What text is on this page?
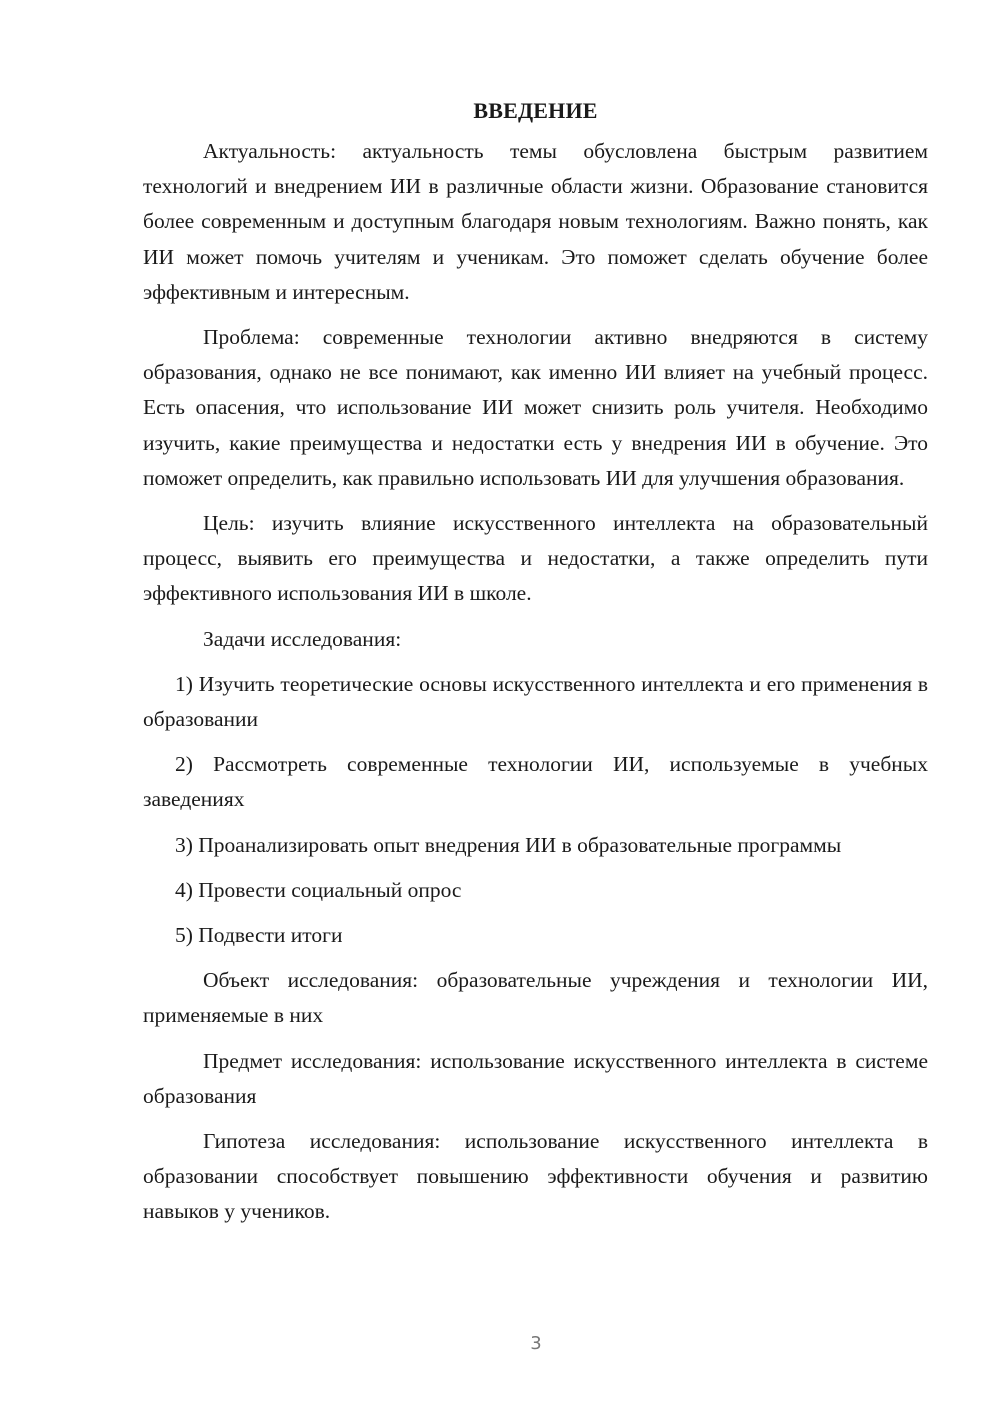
ВВЕДЕНИЕ

Актуальность: актуальность темы обусловлена быстрым развитием технологий и внедрением ИИ в различные области жизни. Образование становится более современным и доступным благодаря новым технологиям. Важно понять, как ИИ может помочь учителям и ученикам. Это поможет сделать обучение более эффективным и интересным.

Проблема: современные технологии активно внедряются в систему образования, однако не все понимают, как именно ИИ влияет на учебный процесс. Есть опасения, что использование ИИ может снизить роль учителя. Необходимо изучить, какие преимущества и недостатки есть у внедрения ИИ в обучение. Это поможет определить, как правильно использовать ИИ для улучшения образования.

Цель: изучить влияние искусственного интеллекта на образовательный процесс, выявить его преимущества и недостатки, а также определить пути эффективного использования ИИ в школе.

Задачи исследования:

1) Изучить теоретические основы искусственного интеллекта и его применения в образовании

2) Рассмотреть современные технологии ИИ, используемые в учебных заведениях

3) Проанализировать опыт внедрения ИИ в образовательные программы

4) Провести социальный опрос

5) Подвести итоги

Объект исследования: образовательные учреждения и технологии ИИ, применяемые в них

Предмет исследования: использование искусственного интеллекта в системе образования

Гипотеза исследования: использование искусственного интеллекта в образовании способствует повышению эффективности обучения и развитию навыков у учеников.

3
